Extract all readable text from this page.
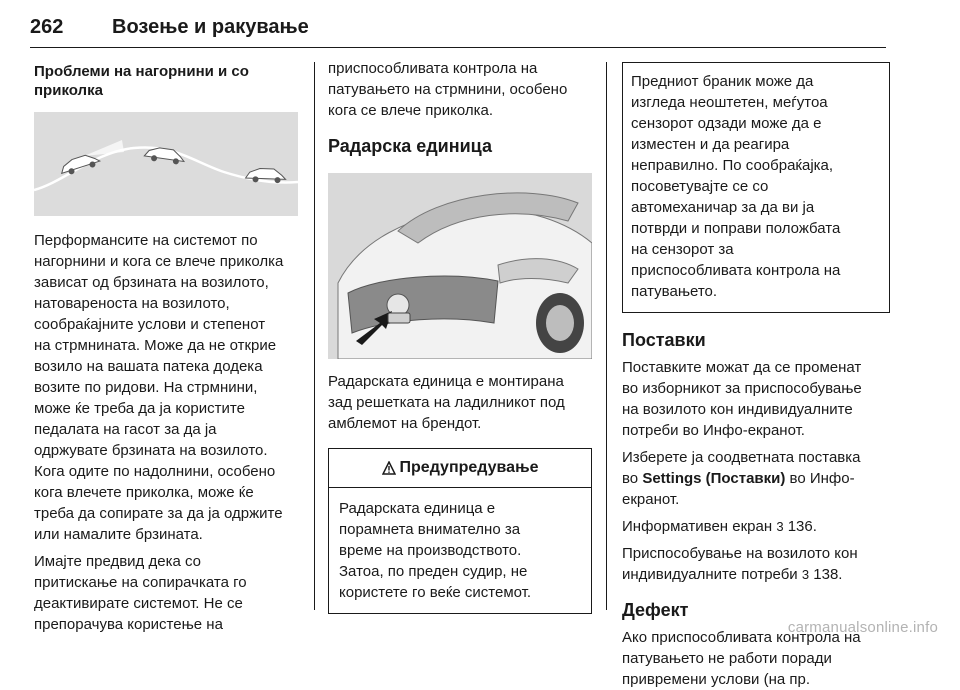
262 Возење и ракување
Проблеми на нагорнини и со
приколка

Перформансите на системот по

нагорнини и кога се влече приколка

зависат од брзината на возилото,

натовареноста на возилото,

сообраќајните услови и степенот

на стрмнината. Може да не открие

возило на вашата патека додека

возите по ридови. На стрмнини,

може ќе треба да ја користите

педалата на гасот за да ја

одржувате брзината на возилото.

Кога одите по надолнини, особено

кога влечете приколка, може ќе

треба да сопирате за да ја одржите

или намалите брзината.

Имајте предвид дека со

притискање на сопирачката го

деактивирате системот. Не се

препорачува користење на

приспособливата контрола на

патувањето на стрмнини, особено

кога се влече приколка.

Радарска единица

Радарската единица е монтирана

зад решетката на ладилникот под

амблемот на брендот.

Предупредување

Радарската единица е

порамнета внимателно за

време на производството.

Затоа, по преден судир, не

користете го веќе системот.

Предниот браник може да

изгледа неоштетен, меѓутоа

сензорот одзади може да е

изместен и да реагира

неправилно. По сообраќајка,

посоветувајте се со

автомеханичар за да ви ја

потврди и поправи положбата

на сензорот за

приспособливата контрола на

патувањето.

Поставки

Поставките можат да се променат

во изборникот за приспособување

на возилото кон индивидуалните

потреби во Инфо-екранот.

Изберете ја соодветната поставка

во Settings (Поставки) во Инфо-

екранот.

Информативен екран 3 136.

Приспособување на возилото кон

индивидуалните потреби 3 138.

Дефект

Ако приспособливата контрола на

патувањето не работи поради

привремени услови (на пр.

carmanualsonline.info
